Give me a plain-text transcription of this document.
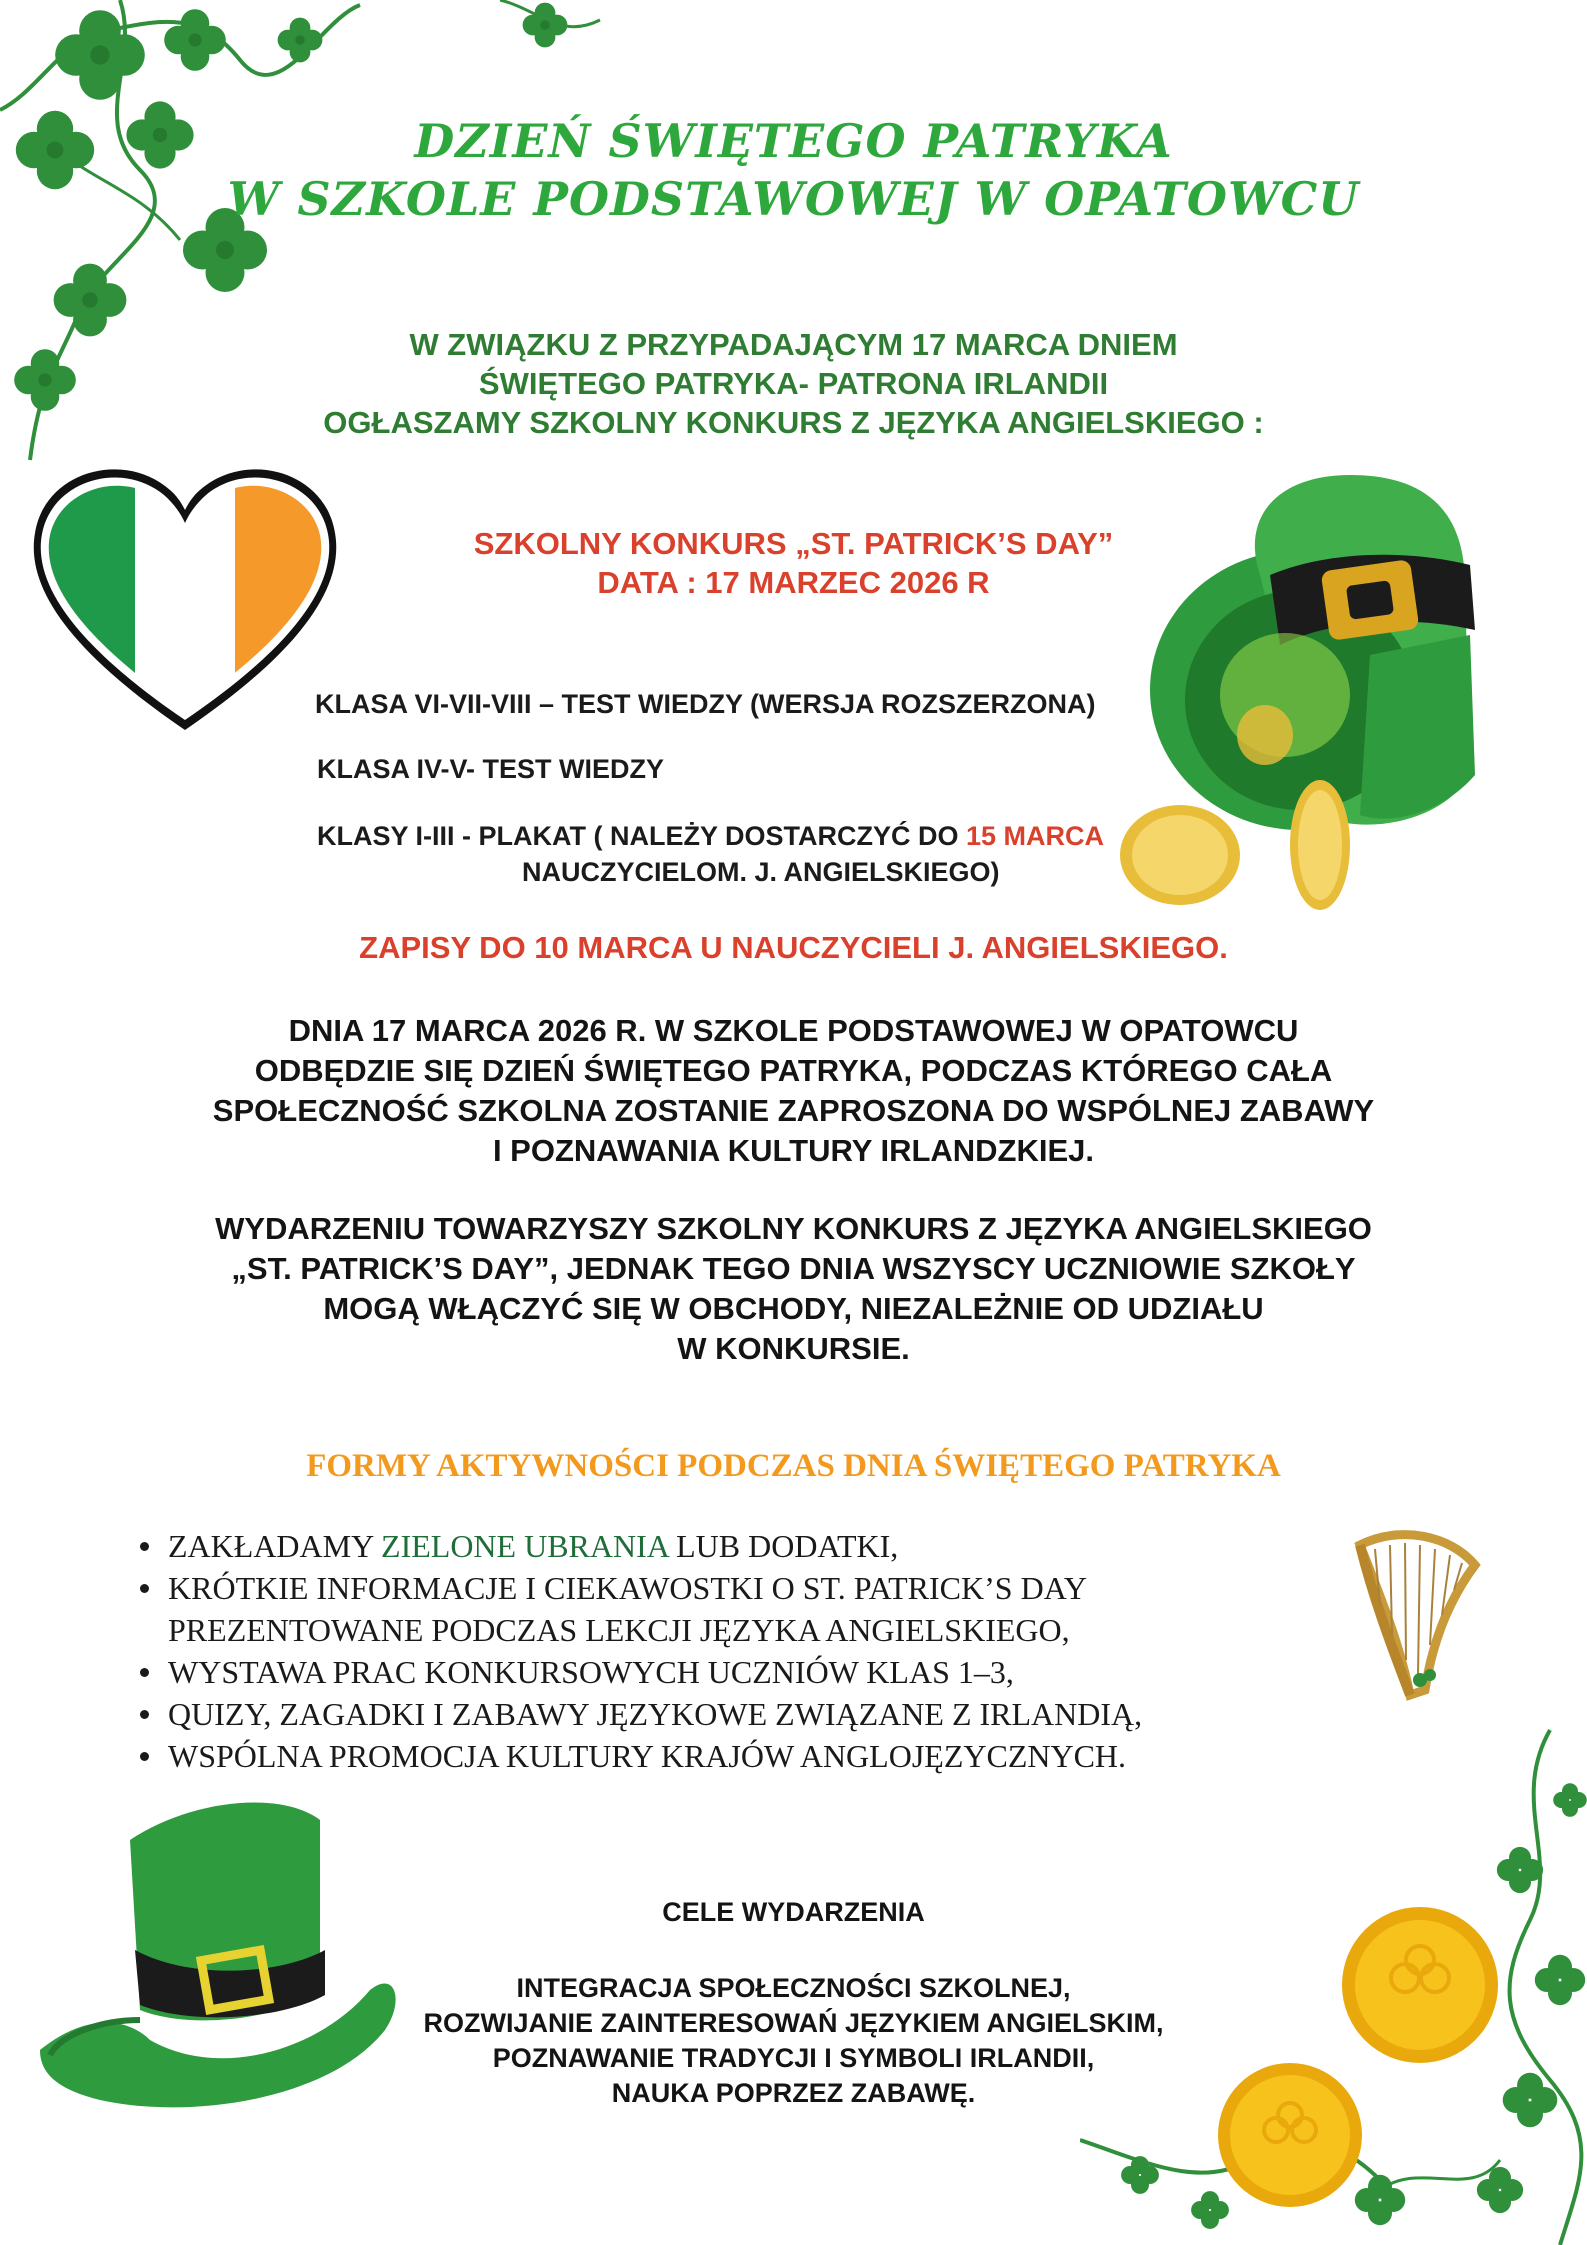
DZIEŃ ŚWIĘTEGO PATRYKA
W SZKOLE PODSTAWOWEJ W OPATOWCU
W ZWIĄZKU Z PRZYPADAJĄCYM 17 MARCA DNIEM
ŚWIĘTEGO PATRYKA- PATRONA IRLANDII
OGŁASZAMY SZKOLNY KONKURS Z JĘZYKA ANGIELSKIEGO :
SZKOLNY KONKURS „ST. PATRICK’S DAY”
DATA : 17 MARZEC 2026 R
KLASA VI-VII-VIII – TEST WIEDZY (WERSJA ROZSZERZONA)
KLASA IV-V- TEST WIEDZY
KLASY I-III - PLAKAT ( NALEŻY DOSTARCZYĆ DO 15 MARCA
NAUCZYCIELOM. J. ANGIELSKIEGO)
ZAPISY DO 10 MARCA U NAUCZYCIELI J. ANGIELSKIEGO.
DNIA 17 MARCA 2026 R. W SZKOLE PODSTAWOWEJ W OPATOWCU
ODBĘDZIE SIĘ DZIEŃ ŚWIĘTEGO PATRYKA, PODCZAS KTÓREGO CAŁA
SPOŁECZNOŚĆ SZKOLNA ZOSTANIE ZAPROSZONA DO WSPÓLNEJ ZABAWY
I POZNAWANIA KULTURY IRLANDZKIEJ.
WYDARZENIU TOWARZYSZY SZKOLNY KONKURS Z JĘZYKA ANGIELSKIEGO
„ST. PATRICK’S DAY”, JEDNAK TEGO DNIA WSZYSCY UCZNIOWIE SZKOŁY
MOGĄ WŁĄCZYĆ SIĘ W OBCHODY, NIEZALEŻNIE OD UDZIAŁU
W KONKURSIE.
FORMY AKTYWNOŚCI PODCZAS DNIA ŚWIĘTEGO PATRYKA
ZAKŁADAMY ZIELONE UBRANIA LUB DODATKI,
KRÓTKIE INFORMACJE I CIEKAWOSTKI O ST. PATRICK’S DAY
PREZENTOWANE PODCZAS LEKCJI JĘZYKA ANGIELSKIEGO,
WYSTAWA PRAC KONKURSOWYCH UCZNIÓW KLAS 1–3,
QUIZY, ZAGADKI I ZABAWY JĘZYKOWE ZWIĄZANE Z IRLANDIĄ,
WSPÓLNA PROMOCJA KULTURY KRAJÓW ANGLOJĘZYCZNYCH.
CELE WYDARZENIA
INTEGRACJA SPOŁECZNOŚCI SZKOLNEJ,
ROZWIJANIE ZAINTERESOWAŃ JĘZYKIEM ANGIELSKIM,
POZNAWANIE TRADYCJI I SYMBOLI IRLANDII,
NAUKA POPRZEZ ZABAWĘ.
